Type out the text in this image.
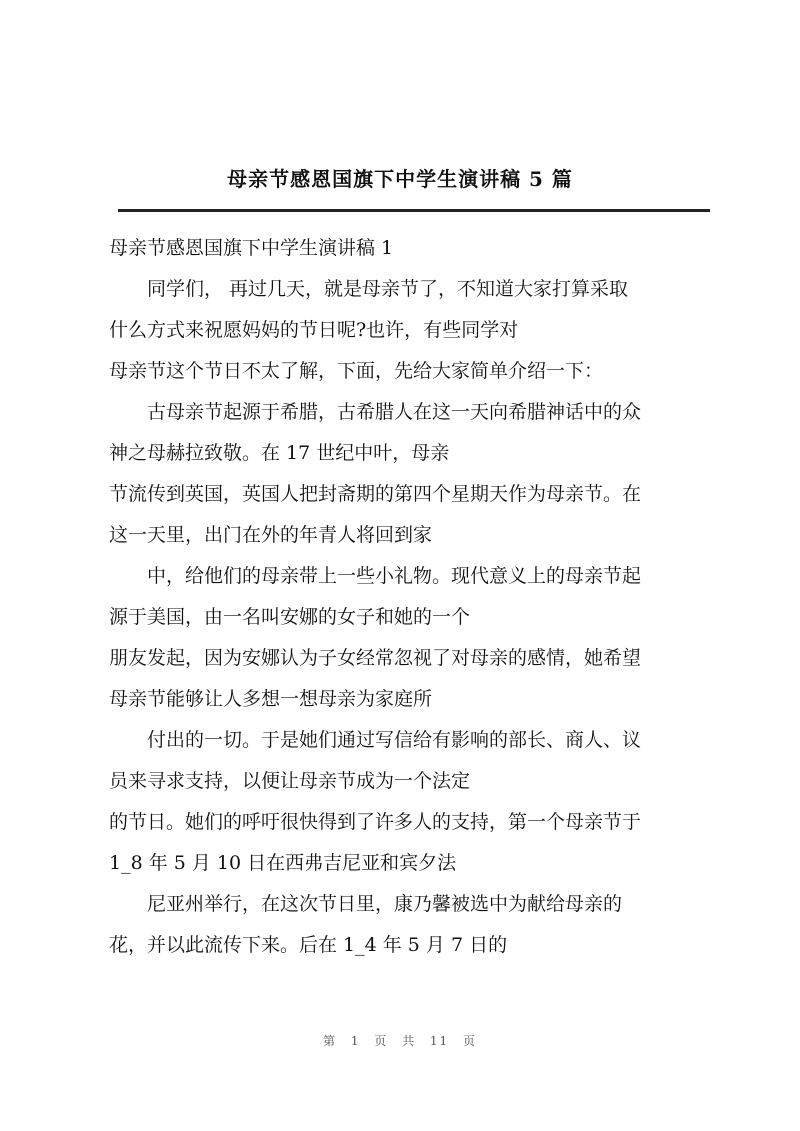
母亲节感恩国旗下中学生演讲稿 5 篇
母亲节感恩国旗下中学生演讲稿 1
同学们， 再过几天，就是母亲节了，不知道大家打算采取
什么方式来祝愿妈妈的节日呢?也许，有些同学对
母亲节这个节日不太了解，下面，先给大家简单介绍一下：
古母亲节起源于希腊，古希腊人在这一天向希腊神话中的众
神之母赫拉致敬。在 17 世纪中叶，母亲
节流传到英国，英国人把封斋期的第四个星期天作为母亲节。在
这一天里，出门在外的年青人将回到家
中，给他们的母亲带上一些小礼物。现代意义上的母亲节起
源于美国，由一名叫安娜的女子和她的一个
朋友发起，因为安娜认为子女经常忽视了对母亲的感情，她希望
母亲节能够让人多想一想母亲为家庭所
付出的一切。于是她们通过写信给有影响的部长、商人、议
员来寻求支持，以便让母亲节成为一个法定
的节日。她们的呼吁很快得到了许多人的支持，第一个母亲节于
1_8 年 5 月 10 日在西弗吉尼亚和宾夕法
尼亚州举行，在这次节日里，康乃馨被选中为献给母亲的
花，并以此流传下来。后在 1_4 年 5 月 7 日的
第 1 页 共 11 页
